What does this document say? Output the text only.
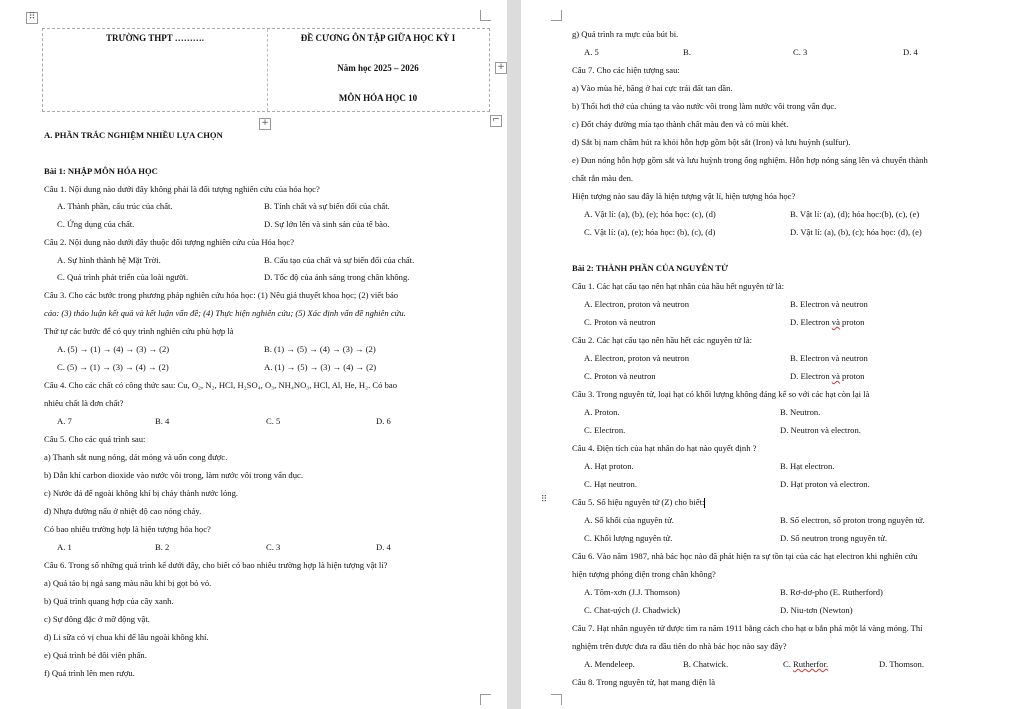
⠿
TRƯỜNG THPT ……….	ĐỀ CƯƠNG ÔN TẬP GIỮA HỌC KỲ I
Năm học 2025 – 2026
MÔN HÓA HỌC 10
+
+	⌐
A. PHẦN TRẮC NGHIỆM NHIỀU LỰA CHỌN
Bài 1: NHẬP MÔN HÓA HỌC
Câu 1. Nội dung nào dưới đây không phải là đối tượng nghiên cứu của hóa học?
A. Thành phần, cấu trúc của chất.	B. Tính chất và sự biến đổi của chất.
C. Ứng dụng của chất.	D. Sự lớn lên và sinh sản của tế bào.
Câu 2. Nội dung nào dưới đây thuộc đối tượng nghiên cứu của Hóa học?
A. Sự hình thành hệ Mặt Trời.	B. Cấu tạo của chất và sự biến đổi của chất.
C. Quá trình phát triển của loài người.	D. Tốc độ của ánh sáng trong chân không.
Câu 3. Cho các bước trong phương pháp nghiên cứu hóa học: (1) Nêu giả thuyết khoa học; (2) viết báo
cáo: (3) thảo luận kết quả và kết luận vấn đề; (4) Thực hiện nghiên cứu; (5) Xác định vấn đề nghiên cứu.
Thứ tự các bước để có quy trình nghiên cứu phù hợp là
A. (5) → (1) → (4) → (3) → (2)	B. (1) → (5) → (4) → (3) → (2)
C. (5) → (1) → (3) → (4) → (2)	A. (1) → (5) → (3) → (4) → (2)
Câu 4. Cho các chất có công thức sau: Cu, O₂, N₂, HCl, H₂SO₄, O₃, NH₄NO₃, HCl, Al, He, H₂. Có bao
nhiêu chất là đơn chất?
A. 7	B. 4	C. 5	D. 6
Câu 5. Cho các quá trình sau:
a) Thanh sắt nung nóng, dát mỏng và uốn cong được.
b) Dẫn khí carbon dioxide vào nước vôi trong, làm nước vôi trong vẩn đục.
c) Nước đá để ngoài không khí bị chảy thành nước lỏng.
d) Nhựa đường nấu ở nhiệt độ cao nóng chảy.
Có bao nhiêu trường hợp là hiện tượng hóa học?
A. 1	B. 2	C. 3	D. 4
Câu 6. Trong số những quá trình kể dưới đây, cho biết có bao nhiêu trường hợp là hiện tượng vật lí?
a) Quả táo bị ngả sang màu nâu khi bị gọt bỏ vỏ.
b) Quá trình quang hợp của cây xanh.
c) Sự đông đặc ở mỡ động vật.
d) Li sữa có vị chua khi để lâu ngoài không khí.
e) Quá trình bẻ đôi viên phấn.
f) Quá trình lên men rượu.
g) Quá trình ra mực của bút bi.
A. 5	B.	C. 3	D. 4
Câu 7. Cho các hiện tượng sau:
a) Vào mùa hè, băng ở hai cực trái đất tan dần.
b) Thổi hơi thở của chúng ta vào nước vôi trong làm nước vôi trong vẩn đục.
c) Đốt cháy đường mía tạo thành chất màu đen và có mùi khét.
d) Sắt bị nam châm hút ra khỏi hỗn hợp gồm bột sắt (Iron) và lưu huỳnh (sulfur).
e) Đun nóng hỗn hợp gồm sắt và lưu huỳnh trong ống nghiệm. Hỗn hợp nóng sáng lên và chuyển thành
chất rắn màu đen.
Hiện tượng nào sau đây là hiện tượng vật lí, hiện tượng hóa học?
A. Vật lí: (a), (b), (e); hóa học: (c), (d)	B. Vật lí: (a), (d); hóa học:(b), (c), (e)
C. Vật lí: (a), (e); hóa học: (b), (c), (d)	D. Vật lí: (a), (b), (c); hóa học: (d), (e)
Bài 2: THÀNH PHẦN CỦA NGUYÊN TỬ
Câu 1. Các hạt cấu tạo nên hạt nhân của hầu hết nguyên tử là:
A. Electron, proton và neutron	B. Electron và neutron
C. Proton và neutron	D. Electron và proton
Câu 2. Các hạt cấu tạo nên hầu hết các nguyên tử là:
A. Electron, proton và neutron	B. Electron và neutron
C. Proton và neutron	D. Electron và proton
Câu 3. Trong nguyên tử, loại hạt có khối lượng không đáng kể so với các hạt còn lại là
A. Proton.	B. Neutron.
C. Electron.	D. Neutron và electron.
Câu 4. Điện tích của hạt nhân do hạt nào quyết định ?
A. Hạt proton.	B. Hạt electron.
C. Hạt neutron.	D. Hạt proton và electron.
⠿	Câu 5. Số hiệu nguyên tử (Z) cho biết:
A. Số khối của nguyên tử.	B. Số electron, số proton trong nguyên tử.
C. Khối lượng nguyên tử.	D. Số neutron trong nguyên tử.
Câu 6. Vào năm 1987, nhà bác học nào đã phát hiện ra sự tồn tại của các hạt electron khi nghiên cứu
hiện tượng phóng điện trong chân không?
A. Tôm-xơn (J.J. Thomson)	B. Rơ-dơ-pho (E. Rutherford)
C. Chat-uých (J. Chadwick)	D. Niu-tơn (Newton)
Câu 7. Hạt nhân nguyên tử được tìm ra năm 1911 bằng cách cho hạt α bắn phá một lá vàng mỏng. Thí
nghiệm trên được đưa ra đầu tiên do nhà bác học nào say đây?
A. Mendeleep.	B. Chatwick.	C. Rutherfor.	D. Thomson.
Câu 8. Trong nguyên tử, hạt mang điện là
